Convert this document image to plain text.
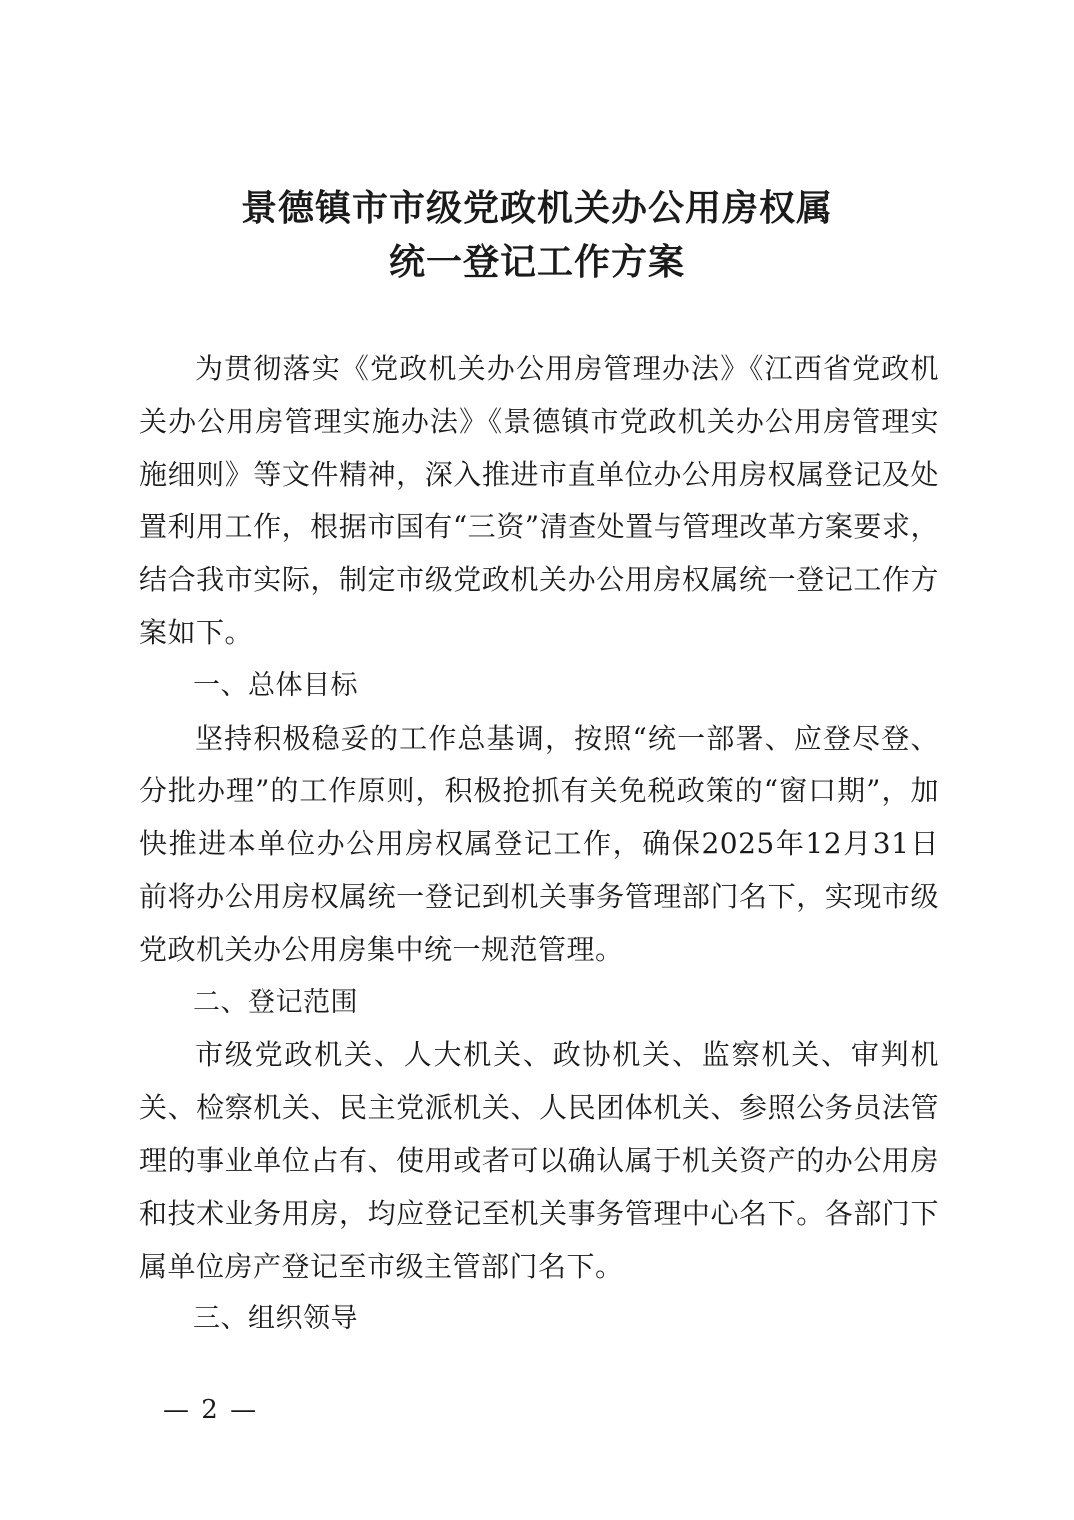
景德镇市市级党政机关办公用房权属
统一登记工作方案

为贯彻落实《党政机关办公用房管理办法》《江西省党政机关办公用房管理实施办法》《景德镇市党政机关办公用房管理实施细则》等文件精神，深入推进市直单位办公用房权属登记及处置利用工作，根据市国有“三资”清查处置与管理改革方案要求，结合我市实际，制定市级党政机关办公用房权属统一登记工作方案如下。

一、总体目标

坚持积极稳妥的工作总基调，按照“统一部署、应登尽登、分批办理”的工作原则，积极抢抓有关免税政策的“窗口期”，加快推进本单位办公用房权属登记工作，确保2025年12月31日前将办公用房权属统一登记到机关事务管理部门名下，实现市级党政机关办公用房集中统一规范管理。

二、登记范围

市级党政机关、人大机关、政协机关、监察机关、审判机关、检察机关、民主党派机关、人民团体机关、参照公务员法管理的事业单位占有、使用或者可以确认属于机关资产的办公用房和技术业务用房，均应登记至机关事务管理中心名下。各部门下属单位房产登记至市级主管部门名下。

三、组织领导

— 2 —
